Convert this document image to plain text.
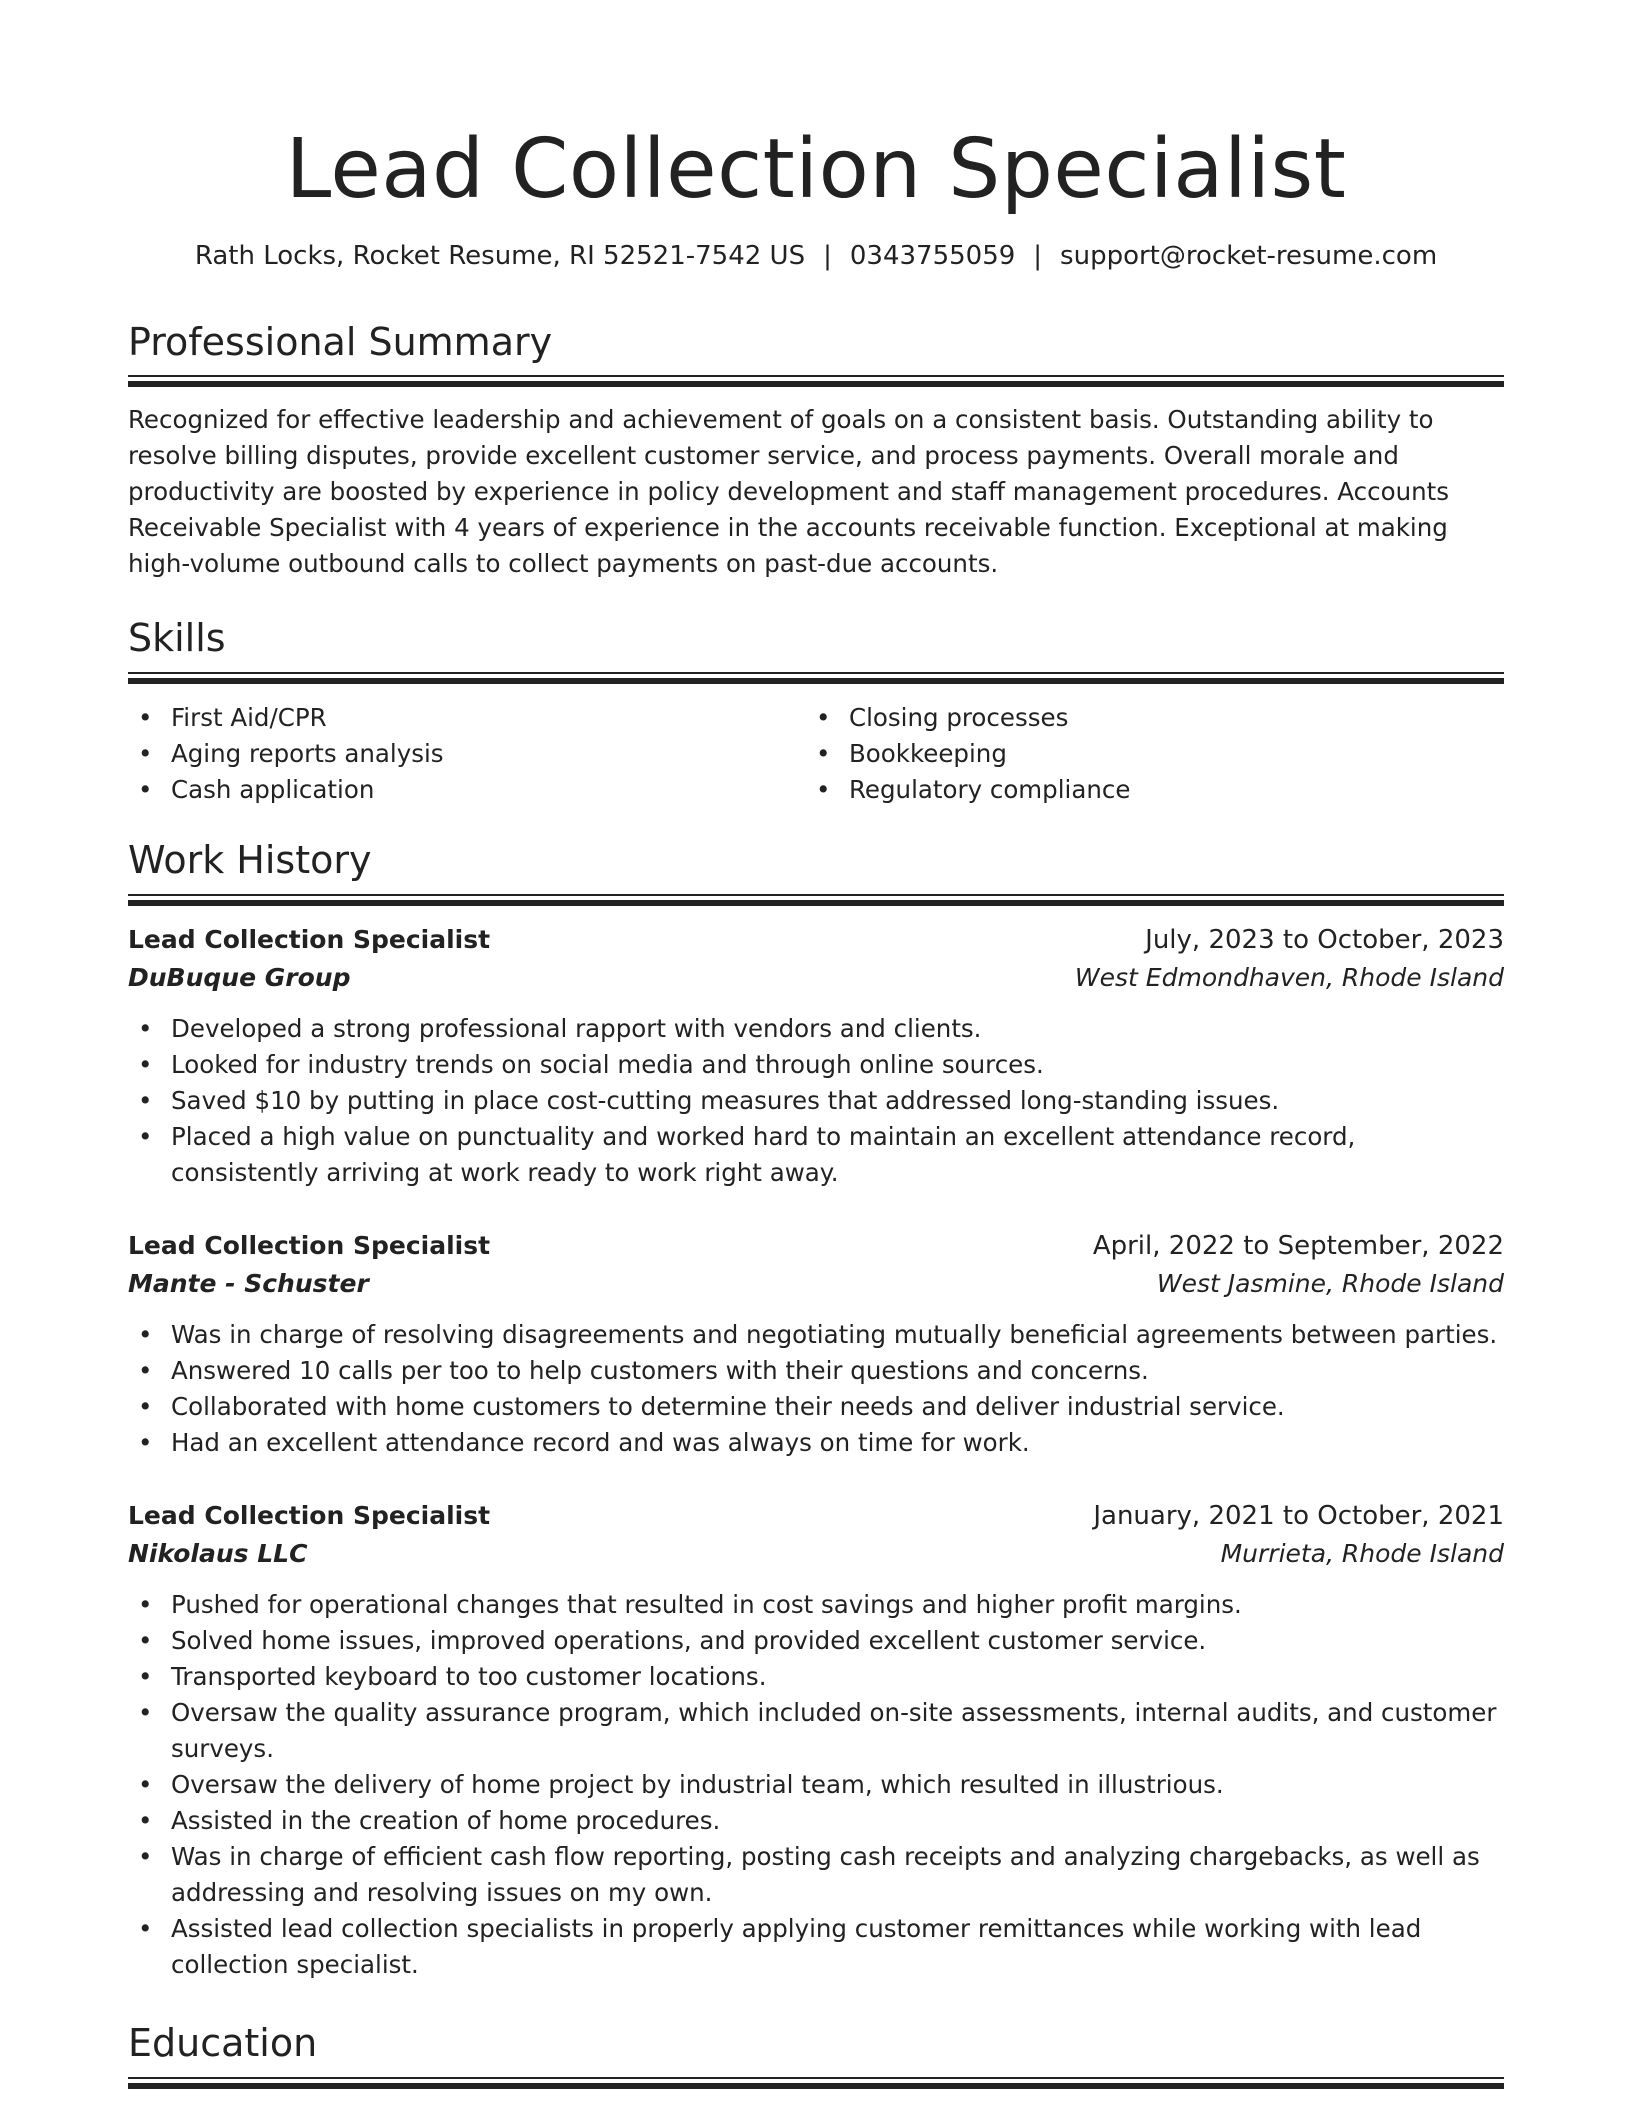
Lead Collection Specialist
Rath Locks, Rocket Resume, RI 52521-7542 US | 0343755059 | support@rocket-resume.com
Professional Summary

Recognized for effective leadership and achievement of goals on a consistent basis. Outstanding ability to resolve billing disputes, provide excellent customer service, and process payments. Overall morale and productivity are boosted by experience in policy development and staff management procedures. Accounts Receivable Specialist with 4 years of experience in the accounts receivable function. Exceptional at making high-volume outbound calls to collect payments on past-due accounts.

Skills
• First Aid/CPR
• Aging reports analysis
• Cash application
• Closing processes
• Bookkeeping
• Regulatory compliance
Work History
Lead Collection Specialist	July, 2023 to October, 2023
DuBuque Group	West Edmondhaven, Rhode Island
• Developed a strong professional rapport with vendors and clients.
• Looked for industry trends on social media and through online sources.
• Saved $10 by putting in place cost-cutting measures that addressed long-standing issues.
• Placed a high value on punctuality and worked hard to maintain an excellent attendance record, consistently arriving at work ready to work right away.
Lead Collection Specialist	April, 2022 to September, 2022
Mante - Schuster	West Jasmine, Rhode Island
• Was in charge of resolving disagreements and negotiating mutually beneficial agreements between parties.
• Answered 10 calls per too to help customers with their questions and concerns.
• Collaborated with home customers to determine their needs and deliver industrial service.
• Had an excellent attendance record and was always on time for work.
Lead Collection Specialist	January, 2021 to October, 2021
Nikolaus LLC	Murrieta, Rhode Island
• Pushed for operational changes that resulted in cost savings and higher profit margins.
• Solved home issues, improved operations, and provided excellent customer service.
• Transported keyboard to too customer locations.
• Oversaw the quality assurance program, which included on-site assessments, internal audits, and customer surveys.
• Oversaw the delivery of home project by industrial team, which resulted in illustrious.
• Assisted in the creation of home procedures.
• Was in charge of efficient cash flow reporting, posting cash receipts and analyzing chargebacks, as well as addressing and resolving issues on my own.
• Assisted lead collection specialists in properly applying customer remittances while working with lead collection specialist.
Education
